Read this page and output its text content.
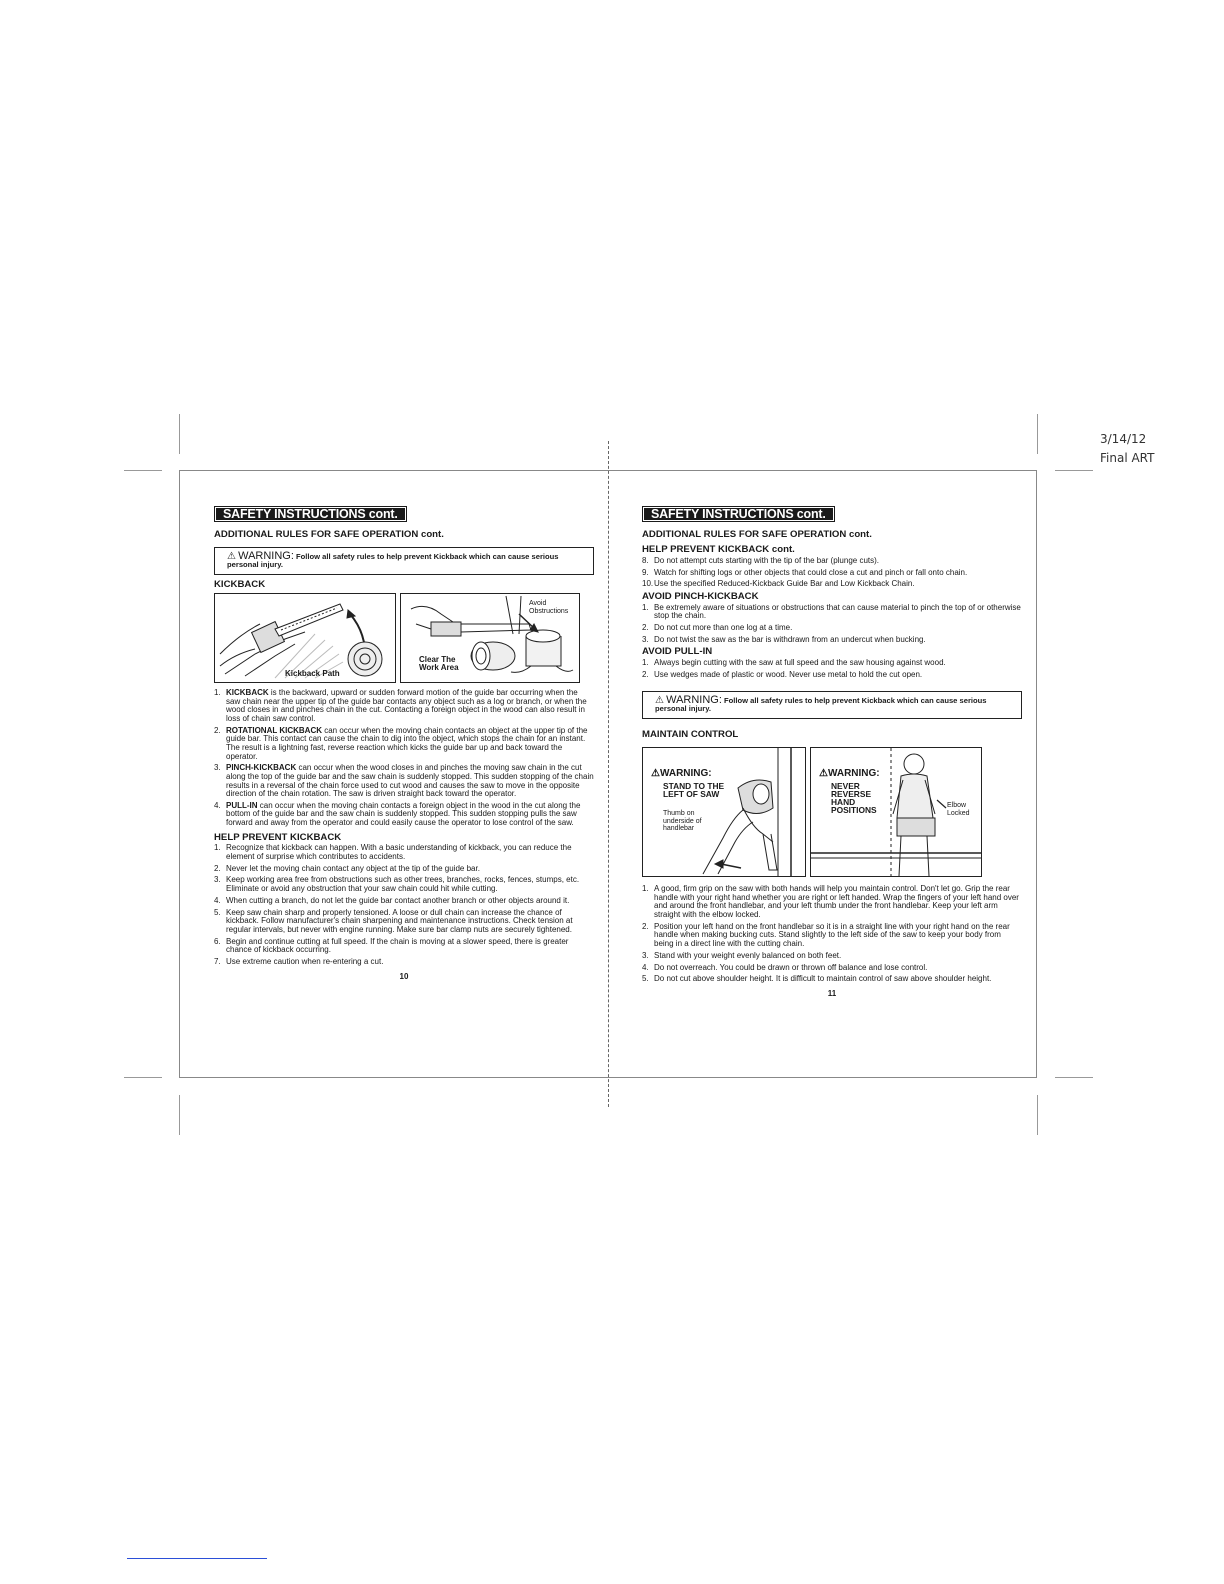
3/14/12
Final ART
SAFETY INSTRUCTIONS cont.
ADDITIONAL RULES FOR SAFE OPERATION cont.
⚠ WARNING: Follow all safety rules to help prevent Kickback which can cause serious personal injury.
KICKBACK
Kickback Path
Avoid Obstructions
Clear The Work Area
1. KICKBACK is the backward, upward or sudden forward motion of the guide bar occurring when the saw chain near the upper tip of the guide bar contacts any object such as a log or branch, or when the wood closes in and pinches chain in the cut. Contacting a foreign object in the wood can also result in loss of chain saw control.
2. ROTATIONAL KICKBACK can occur when the moving chain contacts an object at the upper tip of the guide bar. This contact can cause the chain to dig into the object, which stops the chain for an instant. The result is a lightning fast, reverse reaction which kicks the guide bar up and back toward the operator.
3. PINCH-KICKBACK can occur when the wood closes in and pinches the moving saw chain in the cut along the top of the guide bar and the saw chain is suddenly stopped. This sudden stopping of the chain results in a reversal of the chain force used to cut wood and causes the saw to move in the opposite direction of the chain rotation. The saw is driven straight back toward the operator.
4. PULL-IN can occur when the moving chain contacts a foreign object in the wood in the cut along the bottom of the guide bar and the saw chain is suddenly stopped. This sudden stopping pulls the saw forward and away from the operator and could easily cause the operator to lose control of the saw.
HELP PREVENT KICKBACK
1. Recognize that kickback can happen. With a basic understanding of kickback, you can reduce the element of surprise which contributes to accidents.
2. Never let the moving chain contact any object at the tip of the guide bar.
3. Keep working area free from obstructions such as other trees, branches, rocks, fences, stumps, etc. Eliminate or avoid any obstruction that your saw chain could hit while cutting.
4. When cutting a branch, do not let the guide bar contact another branch or other objects around it.
5. Keep saw chain sharp and properly tensioned. A loose or dull chain can increase the chance of kickback. Follow manufacturer's chain sharpening and maintenance instructions. Check tension at regular intervals, but never with engine running. Make sure bar clamp nuts are securely tightened.
6. Begin and continue cutting at full speed. If the chain is moving at a slower speed, there is greater chance of kickback occurring.
7. Use extreme caution when re-entering a cut.
10
SAFETY INSTRUCTIONS cont.
ADDITIONAL RULES FOR SAFE OPERATION cont.
HELP PREVENT KICKBACK cont.
8. Do not attempt cuts starting with the tip of the bar (plunge cuts).
9. Watch for shifting logs or other objects that could close a cut and pinch or fall onto chain.
10. Use the specified Reduced-Kickback Guide Bar and Low Kickback Chain.
AVOID PINCH-KICKBACK
1. Be extremely aware of situations or obstructions that can cause material to pinch the top of or otherwise stop the chain.
2. Do not cut more than one log at a time.
3. Do not twist the saw as the bar is withdrawn from an undercut when bucking.
AVOID PULL-IN
1. Always begin cutting with the saw at full speed and the saw housing against wood.
2. Use wedges made of plastic or wood. Never use metal to hold the cut open.
⚠ WARNING: Follow all safety rules to help prevent Kickback which can cause serious personal injury.
MAINTAIN CONTROL
⚠WARNING:
STAND TO THE LEFT OF SAW
Thumb on underside of handlebar
⚠WARNING:
NEVER REVERSE HAND POSITIONS	Elbow Locked
1. A good, firm grip on the saw with both hands will help you maintain control. Don't let go. Grip the rear handle with your right hand whether you are right or left handed. Wrap the fingers of your left hand over and around the front handlebar, and your left thumb under the front handlebar. Keep your left arm straight with the elbow locked.
2. Position your left hand on the front handlebar so it is in a straight line with your right hand on the rear handle when making bucking cuts. Stand slightly to the left side of the saw to keep your body from being in a direct line with the cutting chain.
3. Stand with your weight evenly balanced on both feet.
4. Do not overreach. You could be drawn or thrown off balance and lose control.
5. Do not cut above shoulder height. It is difficult to maintain control of saw above shoulder height.
11
